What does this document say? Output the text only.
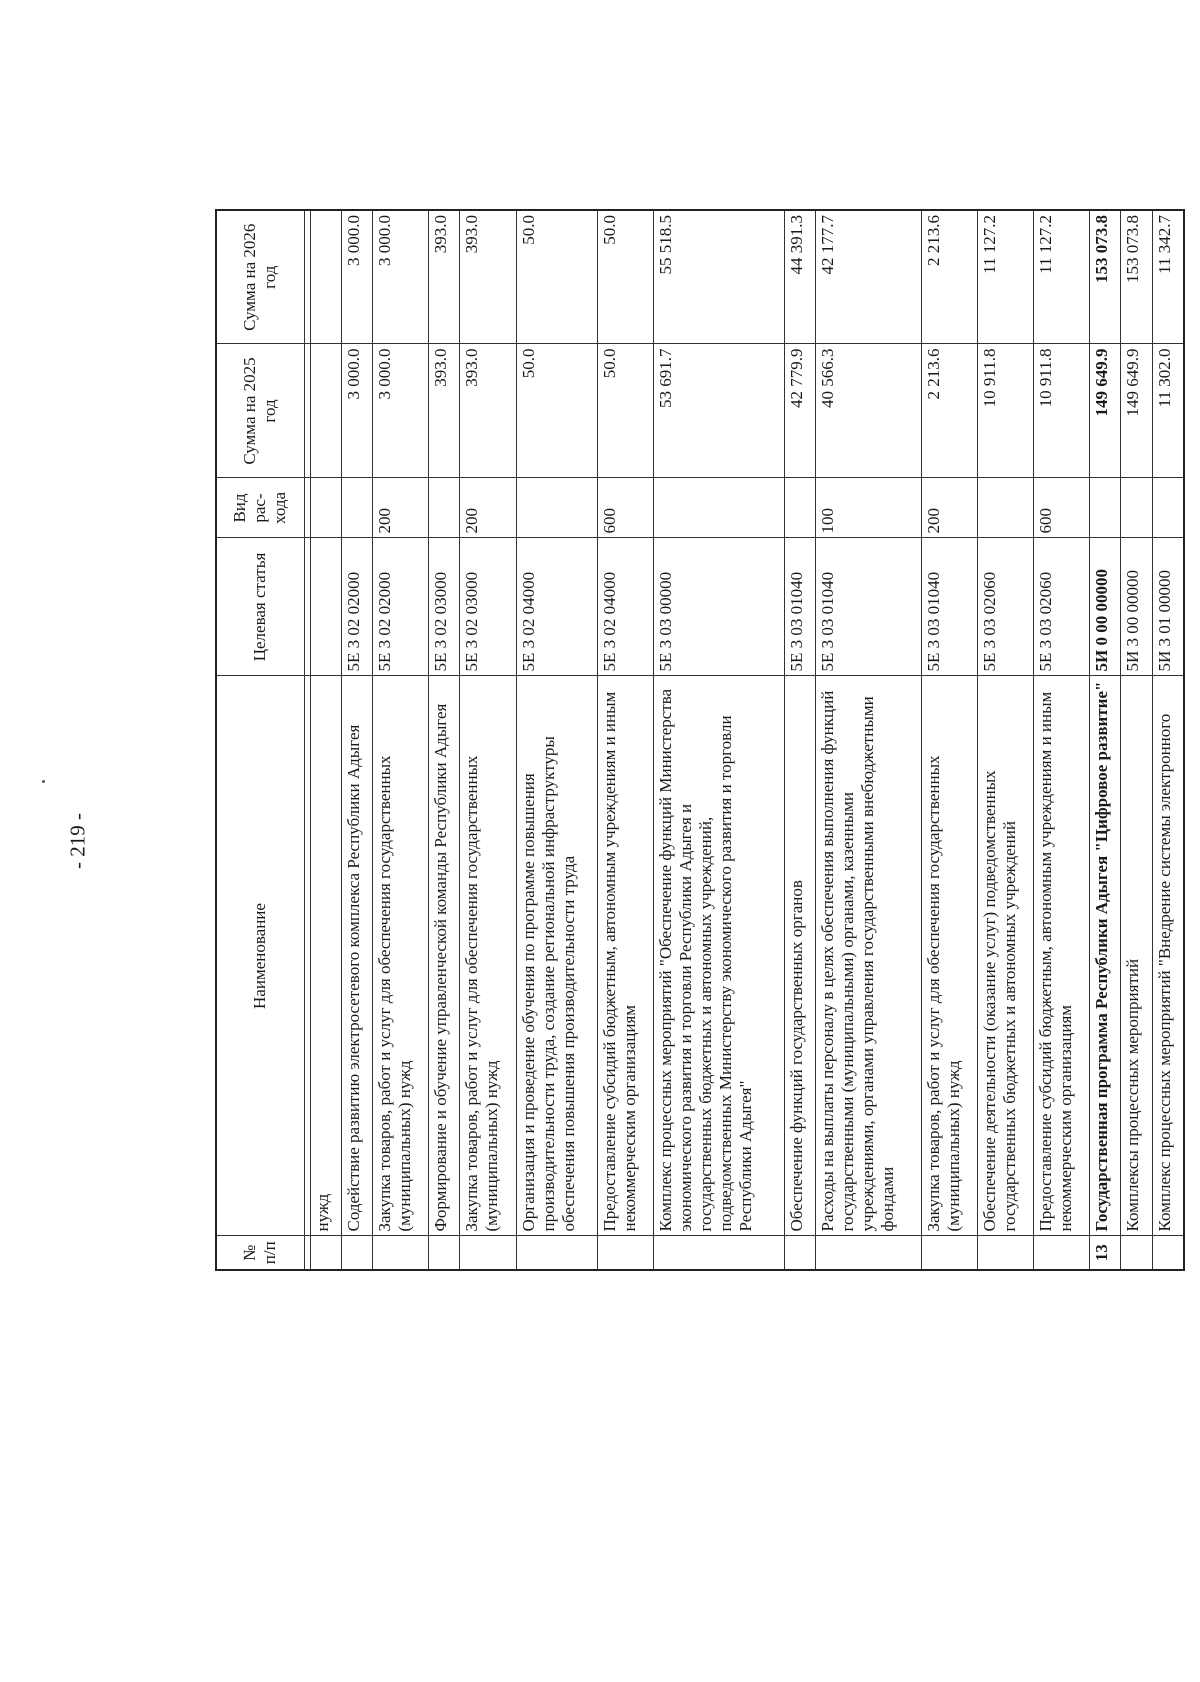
- 219 -
№ п/п	Наименование	Целевая статья	Вид рас-хода	Сумма на 2025 год	Сумма на 2026 год

	нужд				
	Содействие развитию электросетевого комплекса Республики Адыгея	5Е 3 02 02000		3 000.0	3 000.0
	Закупка товаров, работ и услуг для обеспечения государственных (муниципальных) нужд	5Е 3 02 02000	200	3 000.0	3 000.0
	Формирование и обучение управленческой команды Республики Адыгея	5Е 3 02 03000		393.0	393.0
	Закупка товаров, работ и услуг для обеспечения государственных (муниципальных) нужд	5Е 3 02 03000	200	393.0	393.0
	Организация и проведение обучения по программе повышения производительности труда, создание региональной инфраструктуры обеспечения повышения производительности труда	5Е 3 02 04000		50.0	50.0
	Предоставление субсидий бюджетным, автономным учреждениям и иным некоммерческим организациям	5Е 3 02 04000	600	50.0	50.0
	Комплекс процессных мероприятий "Обеспечение функций Министерства экономического развития и торговли Республики Адыгея и государственных бюджетных и автономных учреждений, подведомственных Министерству экономического развития и торговли Республики Адыгея"	5Е 3 03 00000		53 691.7	55 518.5
	Обеспечение функций государственных органов	5Е 3 03 01040		42 779.9	44 391.3
	Расходы на выплаты персоналу в целях обеспечения выполнения функций государственными (муниципальными) органами, казенными учреждениями, органами управления государственными внебюджетными фондами	5Е 3 03 01040	100	40 566.3	42 177.7
	Закупка товаров, работ и услуг для обеспечения государственных (муниципальных) нужд	5Е 3 03 01040	200	2 213.6	2 213.6
	Обеспечение деятельности (оказание услуг) подведомственных государственных бюджетных и автономных учреждений	5Е 3 03 02060		10 911.8	11 127.2
	Предоставление субсидий бюджетным, автономным учреждениям и иным некоммерческим организациям	5Е 3 03 02060	600	10 911.8	11 127.2
13	Государственная программа Республики Адыгея "Цифровое развитие"	5И 0 00 00000		149 649.9	153 073.8
	Комплексы процессных мероприятий	5И 3 00 00000		149 649.9	153 073.8
	Комплекс процессных мероприятий "Внедрение системы электронного	5И 3 01 00000		11 302.0	11 342.7
